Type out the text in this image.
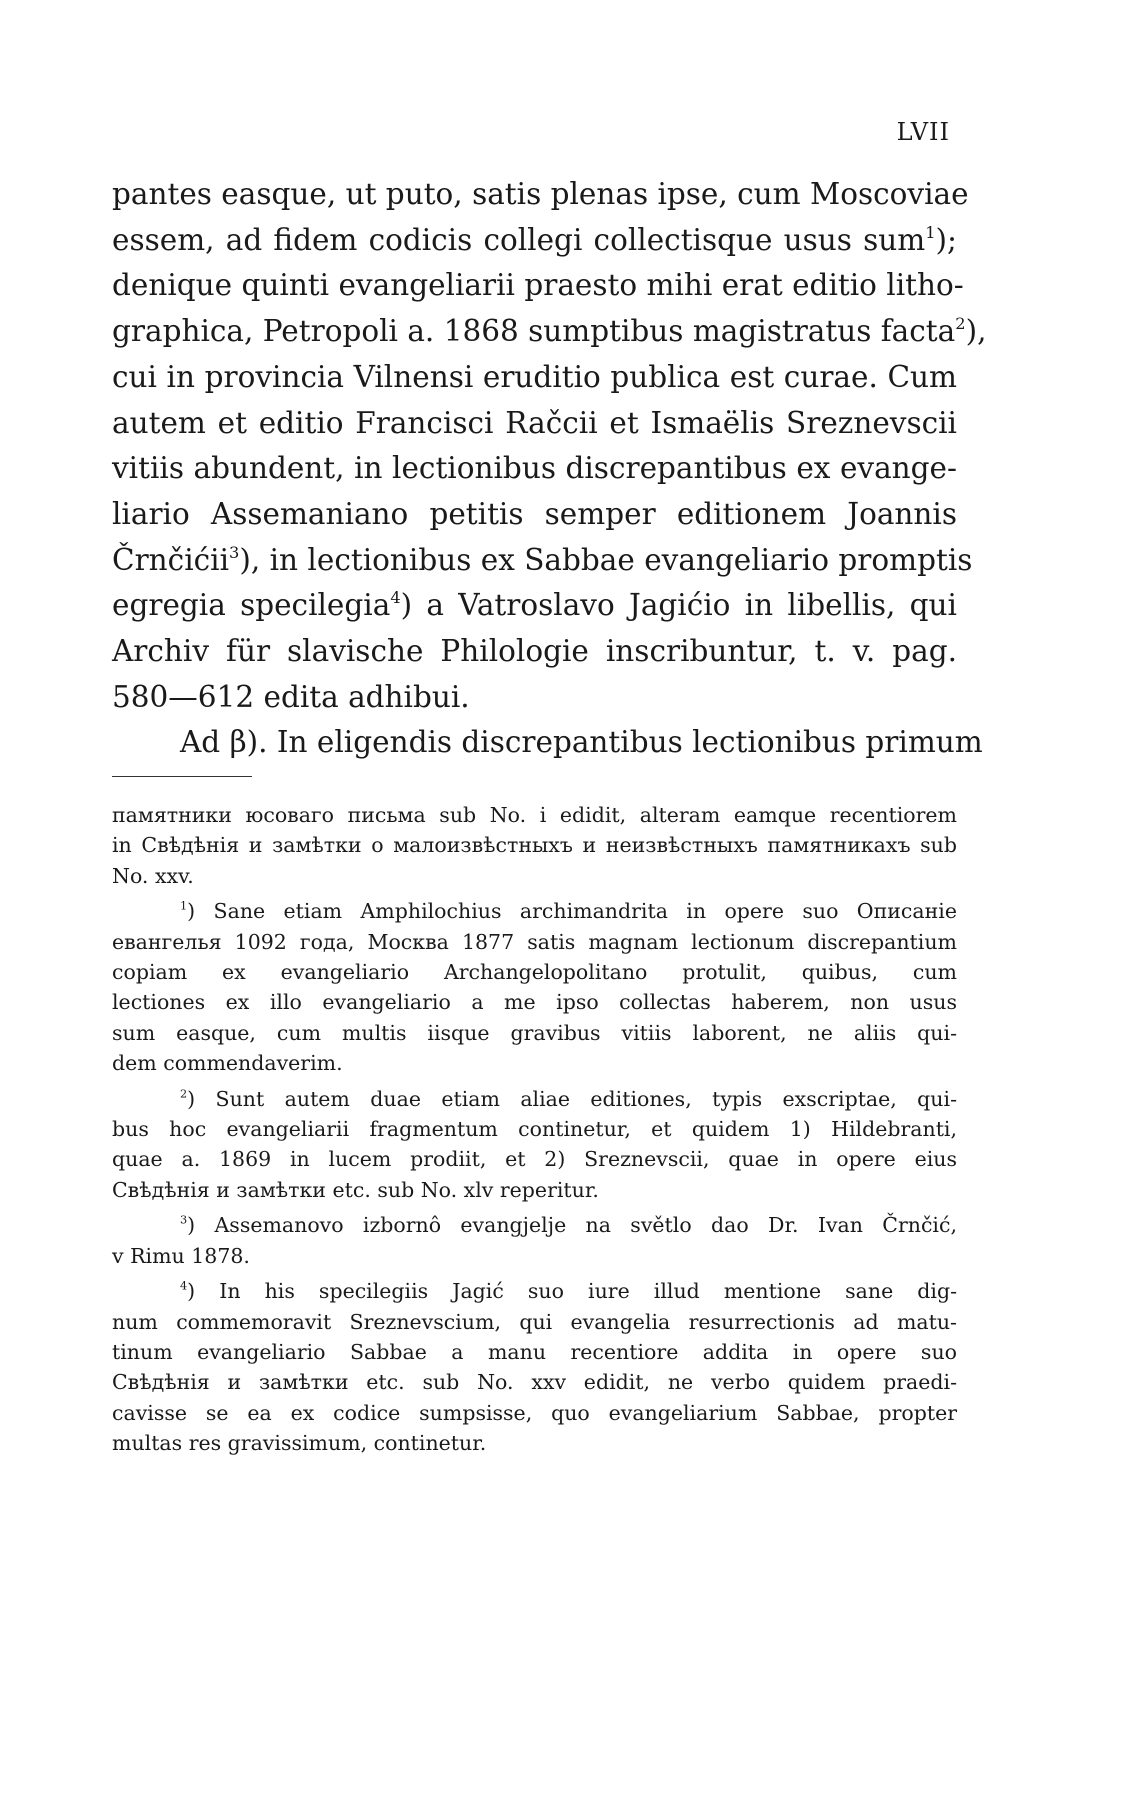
LVII
pantes easque, ut puto, satis plenas ipse, cum Moscoviae
essem, ad fidem codicis collegi collectisque usus sum$^1$);
denique quinti evangeliarii praesto mihi erat editio litho-
graphica, Petropoli a. 1868 sumptibus magistratus facta$^2$),
cui in provincia Vilnensi eruditio publica est curae. Cum
autem et editio Francisci Račcii et Ismaëlis Sreznevscii
vitiis abundent, in lectionibus discrepantibus ex evange-
liario Assemaniano petitis semper editionem Joannis
Črnčićii$^3$), in lectionibus ex Sabbae evangeliario promptis
egregia specilegia$^4$) a Vatroslavo Jagićio in libellis, qui
Archiv für slavische Philologie inscribuntur, t. v. pag.
580—612 edita adhibui.
Ad β). In eligendis discrepantibus lectionibus primum
памятники юсоваго письма sub No. i edidit, alteram eamque recentiorem
in Свѣдѣнія и замѣтки о малоизвѣстныхъ и неизвѣстныхъ памятникахъ sub
No. xxv.
$^1$) Sane etiam Amphilochius archimandrita in opere suo Описаніе
евангелья 1092 года, Москва 1877 satis magnam lectionum discrepantium
copiam ex evangeliario Archangelopolitano protulit, quibus, cum
lectiones ex illo evangeliario a me ipso collectas haberem, non usus
sum easque, cum multis iisque gravibus vitiis laborent, ne aliis qui-
dem commendaverim.
$^2$) Sunt autem duae etiam aliae editiones, typis exscriptae, qui-
bus hoc evangeliarii fragmentum continetur, et quidem 1) Hildebranti,
quae a. 1869 in lucem prodiit, et 2) Sreznevscii, quae in opere eius
Свѣдѣнія и замѣтки etc. sub No. xlv reperitur.
$^3$) Assemanovo izbornô evangjelje na světlo dao Dr. Ivan Črnčić,
v Rimu 1878.
$^4$) In his specilegiis Jagić suo iure illud mentione sane dig-
num commemoravit Sreznevscium, qui evangelia resurrectionis ad matu-
tinum evangeliario Sabbae a manu recentiore addita in opere suo
Свѣдѣнія и замѣтки etc. sub No. xxv edidit, ne verbo quidem praedi-
cavisse se ea ex codice sumpsisse, quo evangeliarium Sabbae, propter
multas res gravissimum, continetur.
